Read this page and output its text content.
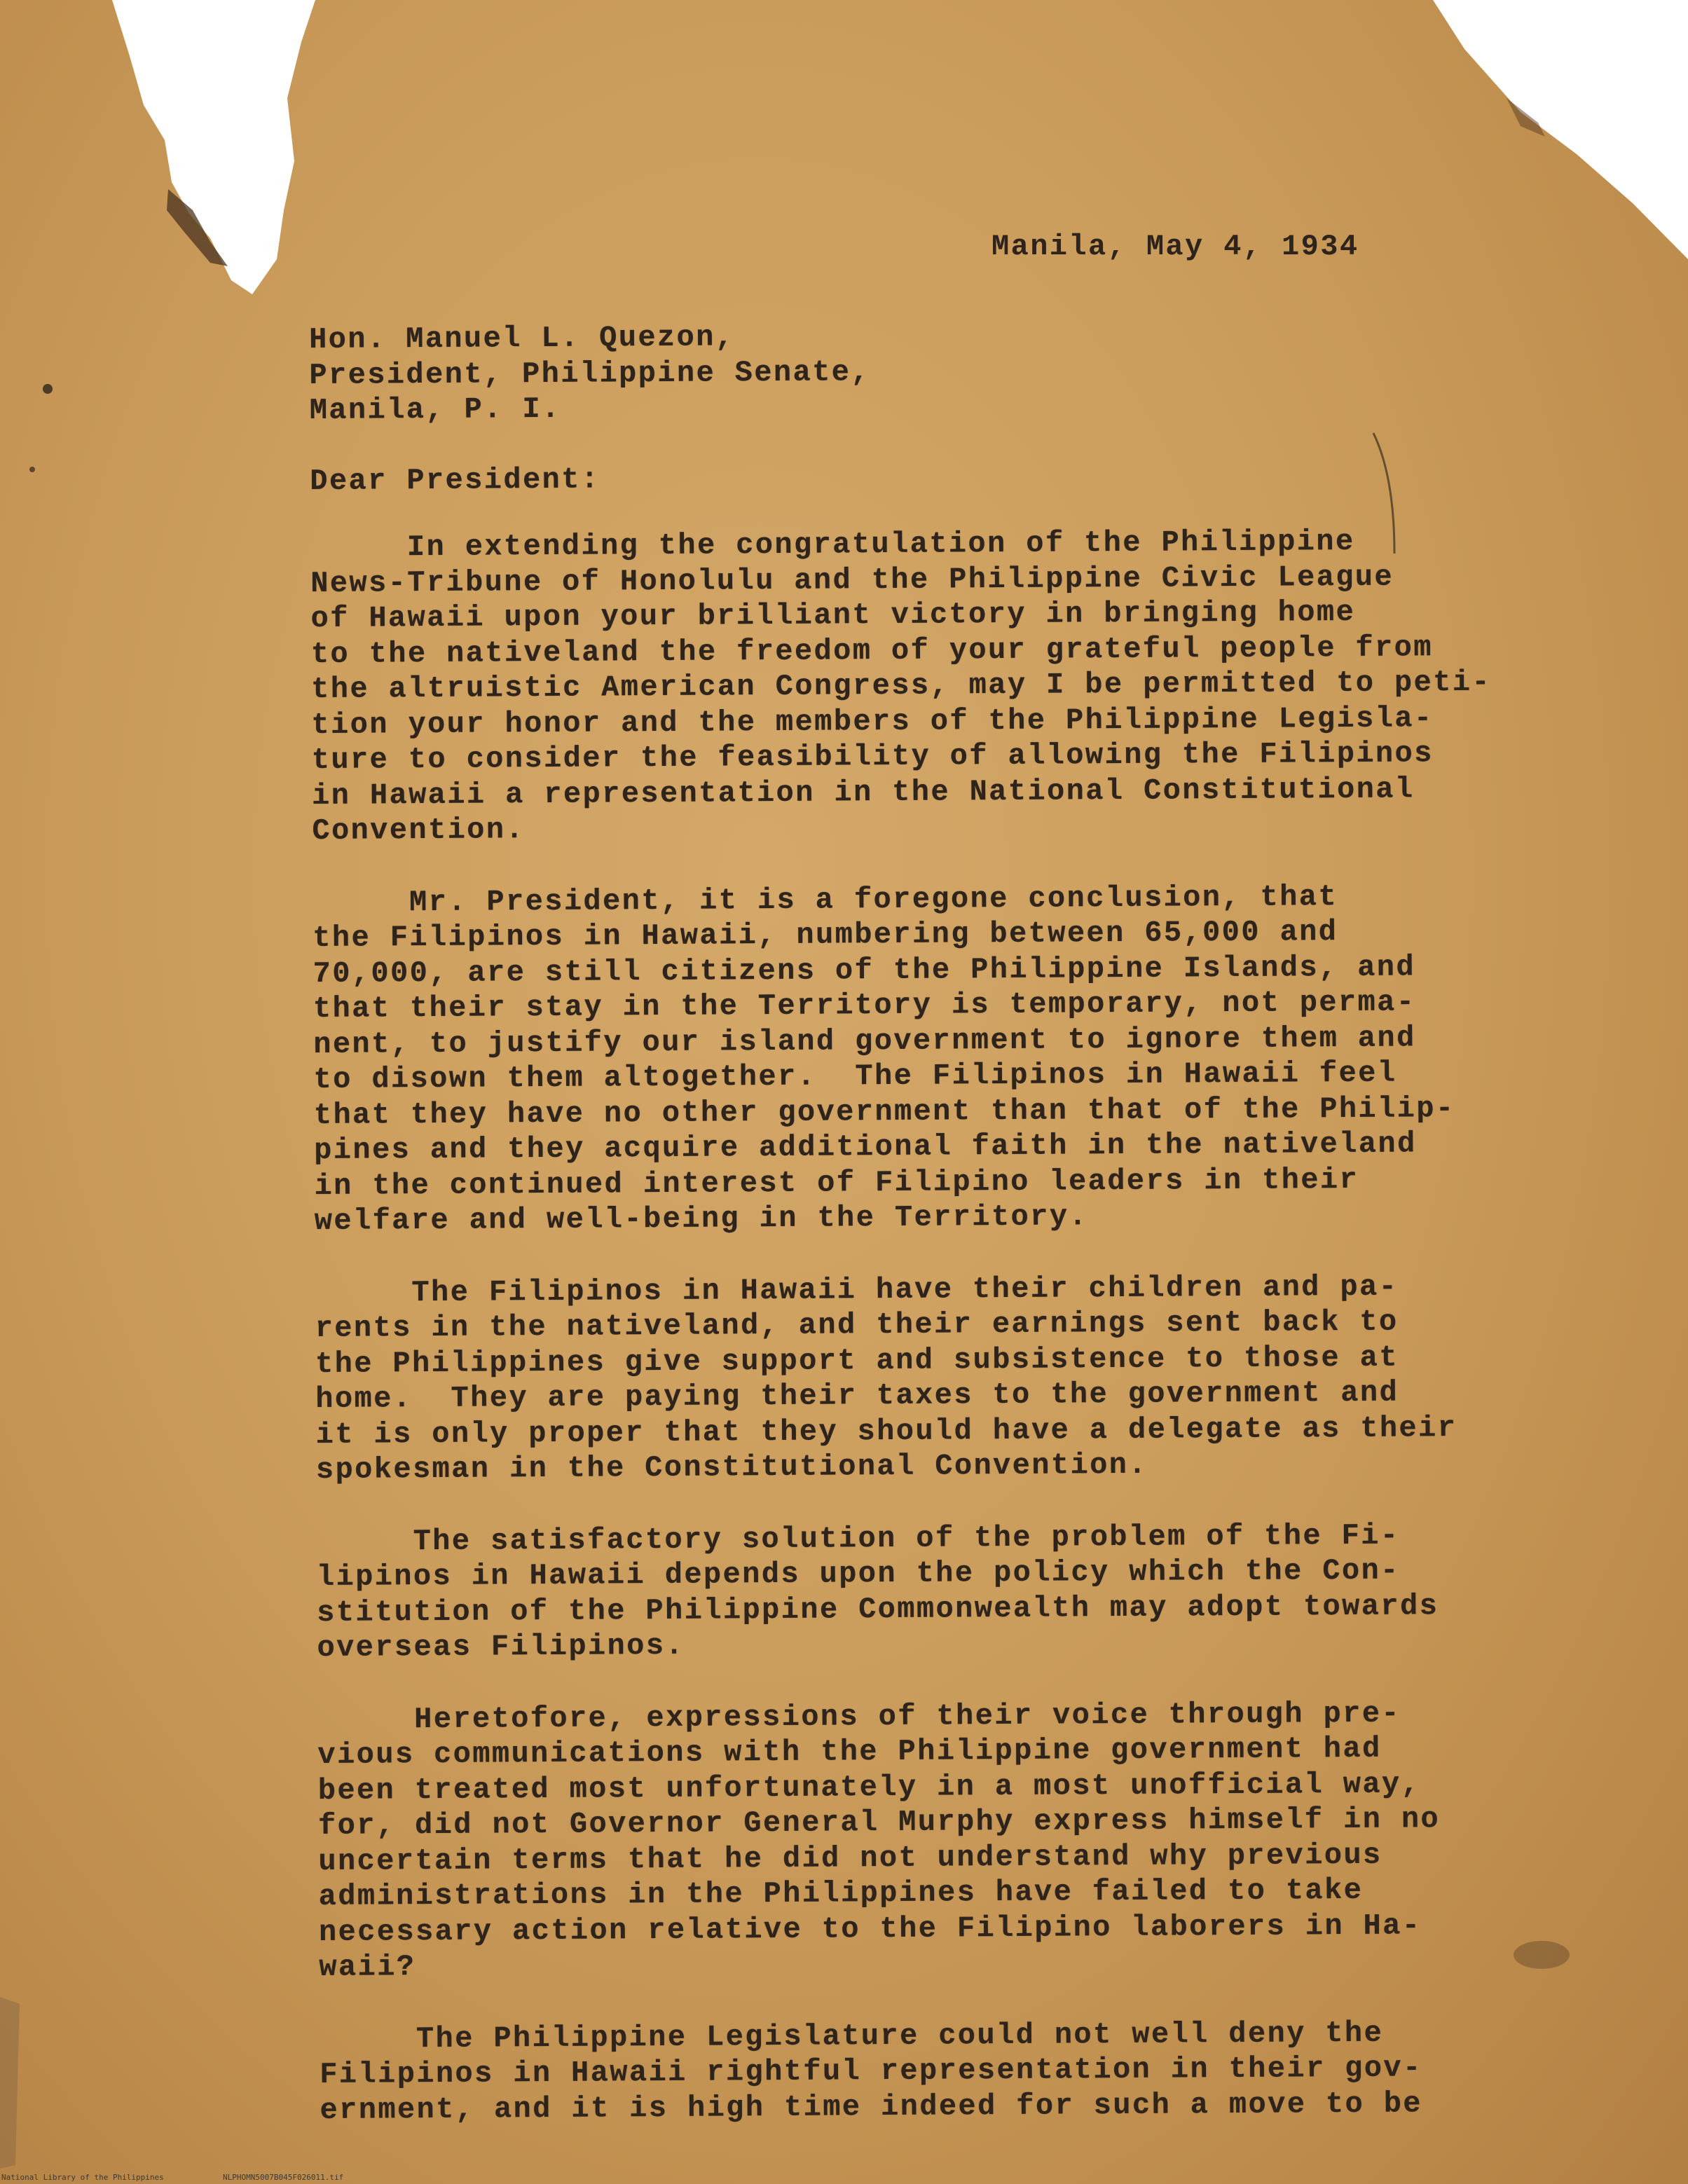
Manila, May 4, 1934
Hon. Manuel L. Quezon,
President, Philippine Senate,
Manila, P. I.
Dear President:
In extending the congratulation of the Philippine
News-Tribune of Honolulu and the Philippine Civic League
of Hawaii upon your brilliant victory in bringing home
to the nativeland the freedom of your grateful people from
the altruistic American Congress, may I be permitted to peti-
tion your honor and the members of the Philippine Legisla-
ture to consider the feasibility of allowing the Filipinos
in Hawaii a representation in the National Constitutional
Convention.
Mr. President, it is a foregone conclusion, that
the Filipinos in Hawaii, numbering between 65,000 and
70,000, are still citizens of the Philippine Islands, and
that their stay in the Territory is temporary, not perma-
nent, to justify our island government to ignore them and
to disown them altogether.  The Filipinos in Hawaii feel
that they have no other government than that of the Philip-
pines and they acquire additional faith in the nativeland
in the continued interest of Filipino leaders in their
welfare and well-being in the Territory.
The Filipinos in Hawaii have their children and pa-
rents in the nativeland, and their earnings sent back to
the Philippines give support and subsistence to those at
home.  They are paying their taxes to the government and
it is only proper that they should have a delegate as their
spokesman in the Constitutional Convention.
The satisfactory solution of the problem of the Fi-
lipinos in Hawaii depends upon the policy which the Con-
stitution of the Philippine Commonwealth may adopt towards
overseas Filipinos.
Heretofore, expressions of their voice through pre-
vious communications with the Philippine government had
been treated most unfortunately in a most unofficial way,
for, did not Governor General Murphy express himself in no
uncertain terms that he did not understand why previous
administrations in the Philippines have failed to take
necessary action relative to the Filipino laborers in Ha-
waii?
The Philippine Legislature could not well deny the
Filipinos in Hawaii rightful representation in their gov-
ernment, and it is high time indeed for such a move to be
National Library of the Philippines	NLPHOMN5007B045F026011.tif
